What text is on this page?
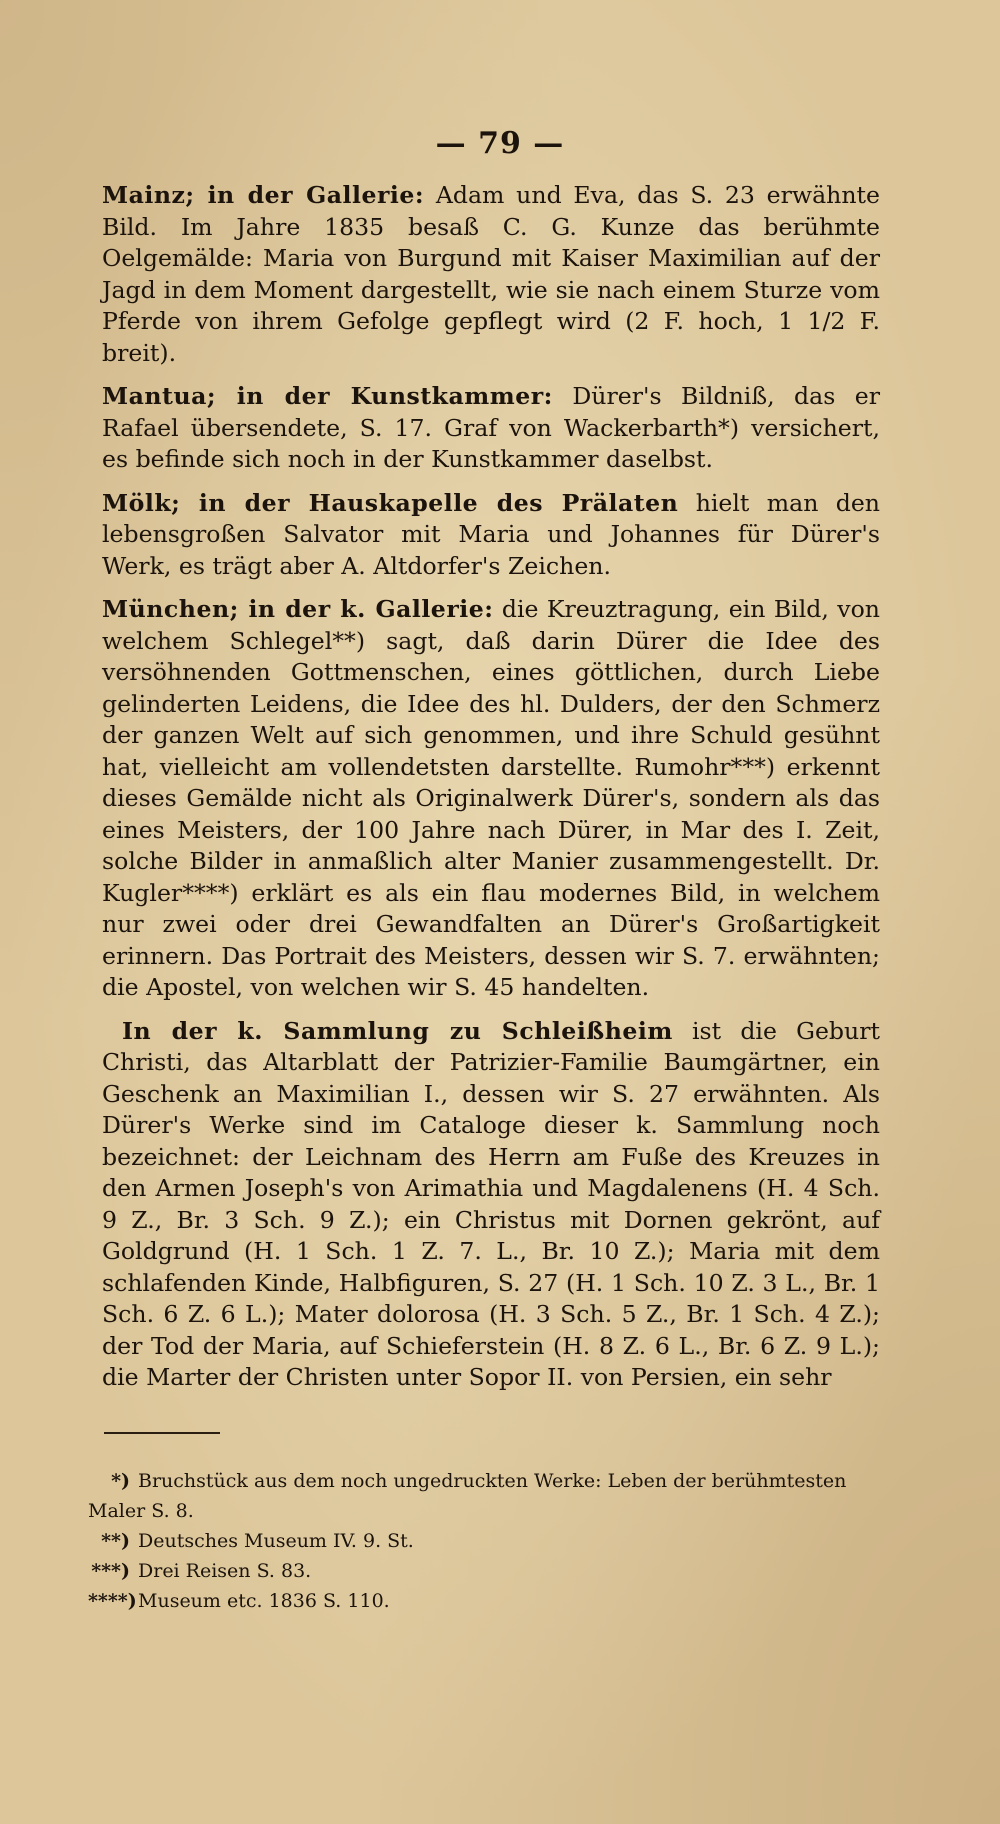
— 79 —

Mainz; in der Gallerie: Adam und Eva, das S. 23 erwähnte Bild. Im Jahre 1835 besaß C. G. Kunze das berühmte Oelgemälde: Maria von Burgund mit Kaiser Maximilian auf der Jagd in dem Moment dargestellt, wie sie nach einem Sturze vom Pferde von ihrem Gefolge gepflegt wird (2 F. hoch, 1 1/2 F. breit).

Mantua; in der Kunstkammer: Dürer's Bildniß, das er Rafael übersendete, S. 17. Graf von Wackerbarth*) versichert, es befinde sich noch in der Kunstkammer daselbst.

Mölk; in der Hauskapelle des Prälaten hielt man den lebensgroßen Salvator mit Maria und Johannes für Dürer's Werk, es trägt aber A. Altdorfer's Zeichen.

München; in der k. Gallerie: die Kreuztragung, ein Bild, von welchem Schlegel**) sagt, daß darin Dürer die Idee des versöhnenden Gottmenschen, eines göttlichen, durch Liebe gelinderten Leidens, die Idee des hl. Dulders, der den Schmerz der ganzen Welt auf sich genommen, und ihre Schuld gesühnt hat, vielleicht am vollendetsten darstellte. Rumohr***) erkennt dieses Gemälde nicht als Originalwerk Dürer's, sondern als das eines Meisters, der 100 Jahre nach Dürer, in Mar des I. Zeit, solche Bilder in anmaßlich alter Manier zusammengestellt. Dr. Kugler****) erklärt es als ein flau modernes Bild, in welchem nur zwei oder drei Gewandfalten an Dürer's Großartigkeit erinnern. Das Portrait des Meisters, dessen wir S. 7. erwähnten; die Apostel, von welchen wir S. 45 handelten.

In der k. Sammlung zu Schleißheim ist die Geburt Christi, das Altarblatt der Patrizier-Familie Baumgärtner, ein Geschenk an Maximilian I., dessen wir S. 27 erwähnten. Als Dürer's Werke sind im Cataloge dieser k. Sammlung noch bezeichnet: der Leichnam des Herrn am Fuße des Kreuzes in den Armen Joseph's von Arimathia und Magdalenens (H. 4 Sch. 9 Z., Br. 3 Sch. 9 Z.); ein Christus mit Dornen gekrönt, auf Goldgrund (H. 1 Sch. 1 Z. 7. L., Br. 10 Z.); Maria mit dem schlafenden Kinde, Halbfiguren, S. 27 (H. 1 Sch. 10 Z. 3 L., Br. 1 Sch. 6 Z. 6 L.); Mater dolorosa (H. 3 Sch. 5 Z., Br. 1 Sch. 4 Z.); der Tod der Maria, auf Schieferstein (H. 8 Z. 6 L., Br. 6 Z. 9 L.); die Marter der Christen unter Sopor II. von Persien, ein sehr

*) Bruchstück aus dem noch ungedruckten Werke: Leben der berühmtesten Maler S. 8.

**) Deutsches Museum IV. 9. St.

***) Drei Reisen S. 83.

****)Museum etc. 1836 S. 110.
